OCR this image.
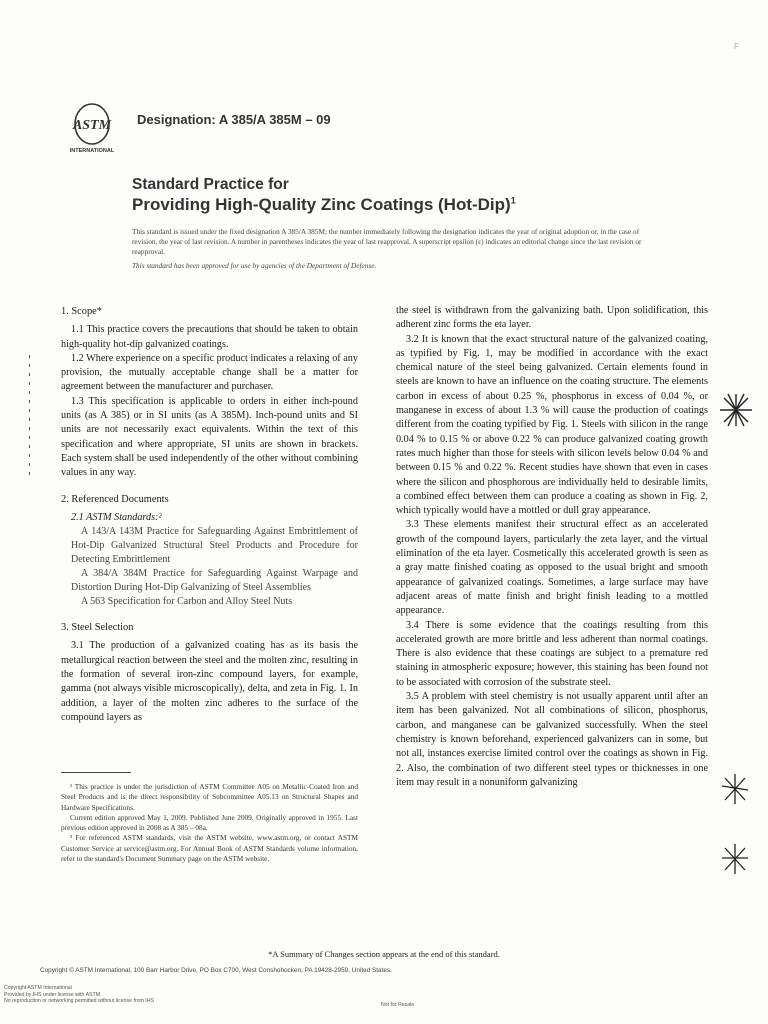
F
ASTM
INTERNATIONAL
Designation: A 385/A 385M – 09
Standard Practice for
Providing High-Quality Zinc Coatings $(Hot-Dip)^1$
This standard is issued under the fixed designation A 385/A 385M; the number immediately following the designation indicates the year of original adoption or, in the case of revision, the year of last revision. A number in parentheses indicates the year of last reapproval. A superscript epsilon (ε) indicates an editorial change since the last revision or reapproval.
This standard has been approved for use by agencies of the Department of Defense.
1. Scope*

1.1 This practice covers the precautions that should be taken to obtain high-quality hot-dip galvanized coatings.

1.2 Where experience on a specific product indicates a relaxing of any provision, the mutually acceptable change shall be a matter for agreement between the manufacturer and purchaser.

1.3 This specification is applicable to orders in either inch-pound units (as A 385) or in SI units (as A 385M). Inch-pound units and SI units are not necessarily exact equivalents. Within the text of this specification and where appropriate, SI units are shown in brackets. Each system shall be used independently of the other without combining values in any way.

2. Referenced Documents

2.1 ASTM Standards:²

A 143/A 143M Practice for Safeguarding Against Embrittlement of Hot-Dip Galvanized Structural Steel Products and Procedure for Detecting Embrittlement

A 384/A 384M Practice for Safeguarding Against Warpage and Distortion During Hot-Dip Galvanizing of Steel Assemblies

A 563 Specification for Carbon and Alloy Steel Nuts

3. Steel Selection

3.1 The production of a galvanized coating has as its basis the metallurgical reaction between the steel and the molten zinc, resulting in the formation of several iron-zinc compound layers, for example, gamma (not always visible microscopically), delta, and zeta in Fig. 1. In addition, a layer of the molten zinc adheres to the surface of the compound layers as

¹ This practice is under the jurisdiction of ASTM Committee A05 on Metallic-Coated Iron and Steel Products and is the direct responsibility of Subcommittee A05.13 on Structural Shapes and Hardware Specifications.

Current edition approved May 1, 2009. Published June 2009. Originally approved in 1955. Last previous edition approved in 2008 as A 385 – 08a.

² For referenced ASTM standards, visit the ASTM website, www.astm.org, or contact ASTM Customer Service at service@astm.org. For Annual Book of ASTM Standards volume information, refer to the standard's Document Summary page on the ASTM website.

the steel is withdrawn from the galvanizing bath. Upon solidification, this adherent zinc forms the eta layer.

3.2 It is known that the exact structural nature of the galvanized coating, as typified by Fig. 1, may be modified in accordance with the exact chemical nature of the steel being galvanized. Certain elements found in steels are known to have an influence on the coating structure. The elements carbon in excess of about 0.25 %, phosphorus in excess of 0.04 %, or manganese in excess of about 1.3 % will cause the production of coatings different from the coating typified by Fig. 1. Steels with silicon in the range 0.04 % to 0.15 % or above 0.22 % can produce galvanized coating growth rates much higher than those for steels with silicon levels below 0.04 % and between 0.15 % and 0.22 %. Recent studies have shown that even in cases where the silicon and phosphorous are individually held to desirable limits, a combined effect between them can produce a coating as shown in Fig. 2, which typically would have a mottled or dull gray appearance.

3.3 These elements manifest their structural effect as an accelerated growth of the compound layers, particularly the zeta layer, and the virtual elimination of the eta layer. Cosmetically this accelerated growth is seen as a gray matte finished coating as opposed to the usual bright and smooth appearance of galvanized coatings. Sometimes, a large surface may have adjacent areas of matte finish and bright finish leading to a mottled appearance.

3.4 There is some evidence that the coatings resulting from this accelerated growth are more brittle and less adherent than normal coatings. There is also evidence that these coatings are subject to a premature red staining in atmospheric exposure; however, this staining has been found not to be associated with corrosion of the substrate steel.

3.5 A problem with steel chemistry is not usually apparent until after an item has been galvanized. Not all combinations of silicon, phosphorus, carbon, and manganese can be galvanized successfully. When the steel chemistry is known beforehand, experienced galvanizers can in some, but not all, instances exercise limited control over the coatings as shown in Fig. 2. Also, the combination of two different steel types or thicknesses in one item may result in a nonuniform galvanizing

*A Summary of Changes section appears at the end of this standard.
Copyright © ASTM International, 100 Barr Harbor Drive, PO Box C700, West Conshohocken, PA 19428-2959, United States.
Copyright ASTM International
Provided by IHS under license with ASTM
No reproduction or networking permitted without license from IHS
Not for Resale
